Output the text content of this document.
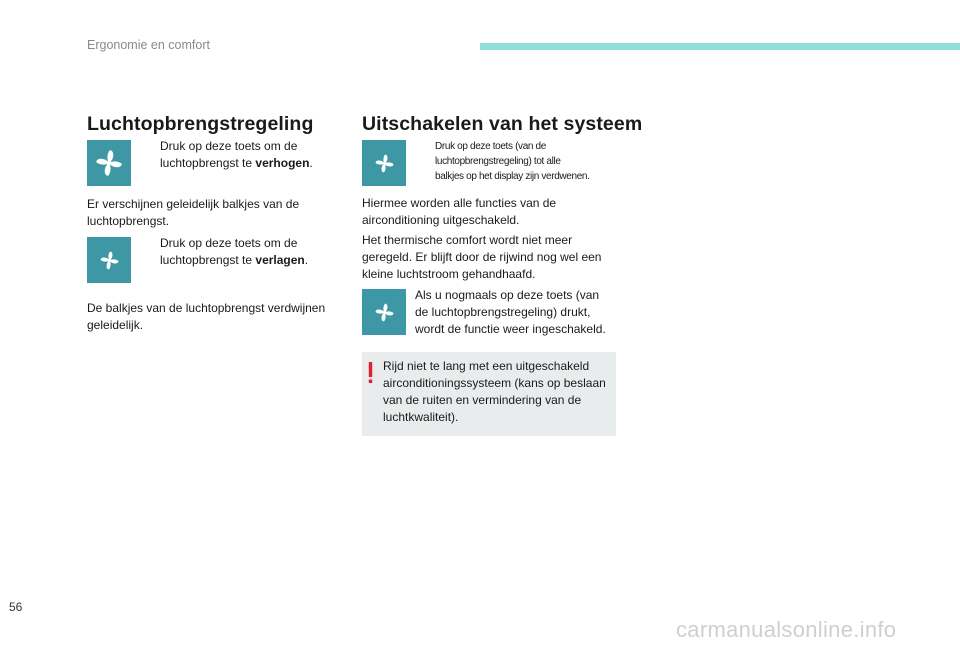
Ergonomie en comfort
Luchtopbrengstregeling

Druk op deze toets om de
luchtopbrengst te verhogen.

Er verschijnen geleidelijk balkjes van de
luchtopbrengst.

Druk op deze toets om de
luchtopbrengst te verlagen.

De balkjes van de luchtopbrengst verdwijnen
geleidelijk.

Uitschakelen van het systeem

Druk op deze toets (van de
luchtopbrengstregeling) tot alle
balkjes op het display zijn verdwenen.

Hiermee worden alle functies van de
airconditioning uitgeschakeld.

Het thermische comfort wordt niet meer
geregeld. Er blijft door de rijwind nog wel een
kleine luchtstroom gehandhaafd.

Als u nogmaals op deze toets (van
de luchtopbrengstregeling) drukt,
wordt de functie weer ingeschakeld.

Rijd niet te lang met een uitgeschakeld
airconditioningssysteem (kans op beslaan
van de ruiten en vermindering van de
luchtkwaliteit).

56
carmanualsonline.info
